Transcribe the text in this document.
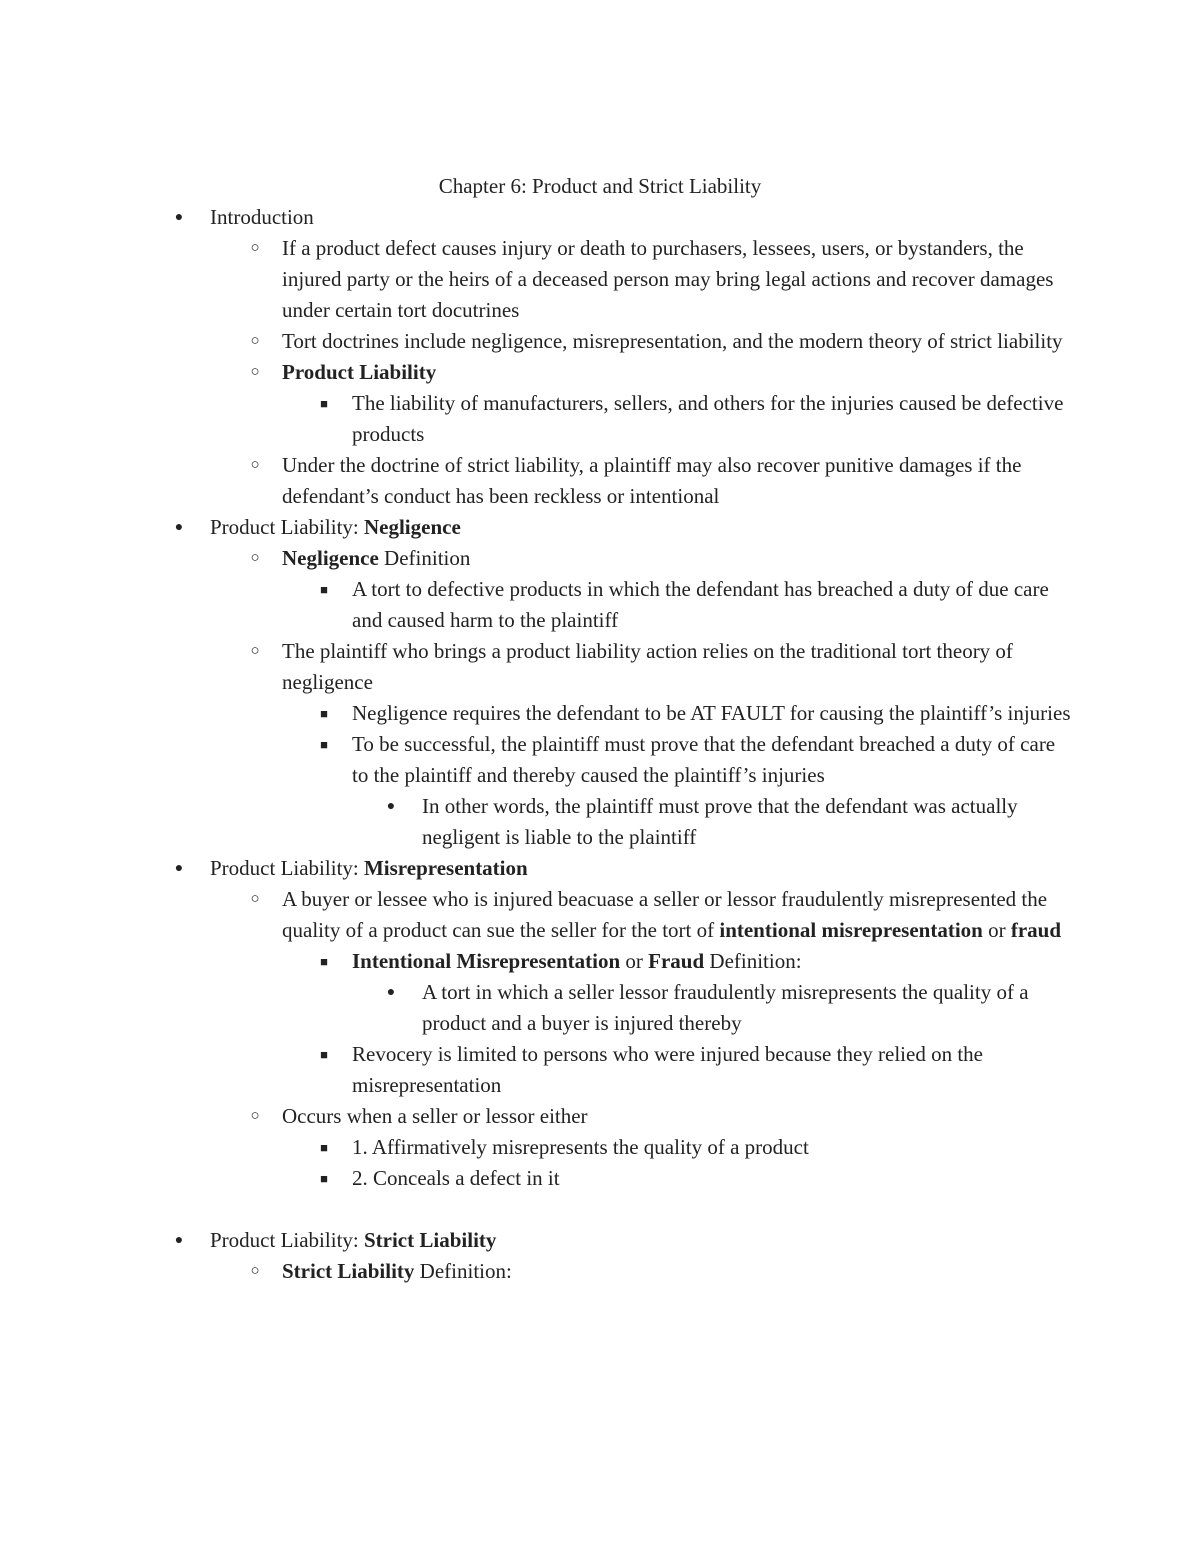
Chapter 6: Product and Strict Liability
● Introduction
○ If a product defect causes injury or death to purchasers, lessees, users, or bystanders, the injured party or the heirs of a deceased person may bring legal actions and recover damages under certain tort docutrines
○ Tort doctrines include negligence, misrepresentation, and the modern theory of strict liability
○ Product Liability
■ The liability of manufacturers, sellers, and others for the injuries caused be defective products
○ Under the doctrine of strict liability, a plaintiff may also recover punitive damages if the defendant’s conduct has been reckless or intentional
● Product Liability: Negligence
○ Negligence Definition
■ A tort to defective products in which the defendant has breached a duty of due care and caused harm to the plaintiff
○ The plaintiff who brings a product liability action relies on the traditional tort theory of negligence
■ Negligence requires the defendant to be AT FAULT for causing the plaintiff’s injuries
■ To be successful, the plaintiff must prove that the defendant breached a duty of care to the plaintiff and thereby caused the plaintiff’s injuries
● In other words, the plaintiff must prove that the defendant was actually negligent is liable to the plaintiff
● Product Liability: Misrepresentation
○ A buyer or lessee who is injured beacuase a seller or lessor fraudulently misrepresented the quality of a product can sue the seller for the tort of intentional misrepresentation or fraud
■ Intentional Misrepresentation or Fraud Definition:
● A tort in which a seller lessor fraudulently misrepresents the quality of a product and a buyer is injured thereby
■ Revocery is limited to persons who were injured because they relied on the misrepresentation
○ Occurs when a seller or lessor either
■ 1. Affirmatively misrepresents the quality of a product
■ 2. Conceals a defect in it
● Product Liability: Strict Liability
○ Strict Liability Definition:
